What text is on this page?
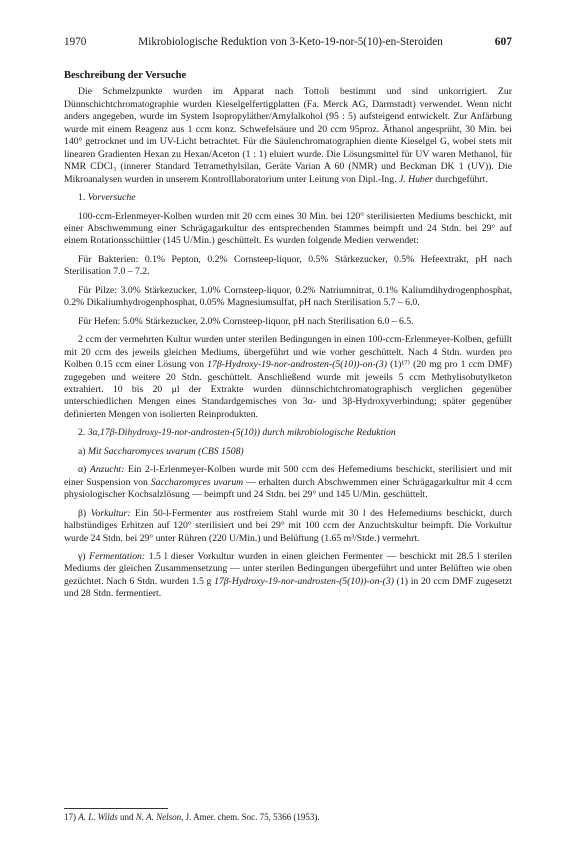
1970	Mikrobiologische Reduktion von 3-Keto-19-nor-5(10)-en-Steroiden	607
Beschreibung der Versuche

Die Schmelzpunkte wurden im Apparat nach Tottoli bestimmt und sind unkorrigiert. Zur Dünnschichtchromatographie wurden Kieselgelfertigplatten (Fa. Merck AG, Darmstadt) verwendet. Wenn nicht anders angegeben, wurde im System Isopropyläther/Amylalkohol (95 : 5) aufsteigend entwickelt. Zur Anfärbung wurde mit einem Reagenz aus 1 ccm konz. Schwefelsäure und 20 ccm 95proz. Äthanol angesprüht, 30 Min. bei 140° getrocknet und im UV-Licht betrachtet. Für die Säulenchromatographien diente Kieselgel G, wobei stets mit linearen Gradienten Hexan zu Hexan/Aceton (1 : 1) eluiert wurde. Die Lösungsmittel für UV waren Methanol, für NMR CDCl₃ (innerer Standard Tetramethylsilan, Geräte Varian A 60 (NMR) und Beckman DK 1 (UV)). Die Mikroanalysen wurden in unserem Kontrolllaboratorium unter Leitung von Dipl.-Ing. J. Huber durchgeführt.

1. Vorversuche

100-ccm-Erlenmeyer-Kolben wurden mit 20 ccm eines 30 Min. bei 120° sterilisierten Mediums beschickt, mit einer Abschwemmung einer Schrägagarkultur des entsprechenden Stammes beimpft und 24 Stdn. bei 29° auf einem Rotationsschüttler (145 U/Min.) geschüttelt. Es wurden folgende Medien verwendet:

Für Bakterien: 0.1% Pepton, 0.2% Cornsteep-liquor, 0.5% Stärkezucker, 0.5% Hefeextrakt, pH nach Sterilisation 7.0 – 7.2.

Für Pilze: 3.0% Stärkezucker, 1.0% Cornsteep-liquor, 0.2% Natriumnitrat, 0.1% Kaliumdihydrogenphosphat, 0.2% Dikaliumhydrogenphosphat, 0.05% Magnesiumsulfat, pH nach Sterilisation 5.7 – 6.0.

Für Hefen: 5.0% Stärkezucker, 2.0% Cornsteep-liquor, pH nach Sterilisation 6.0 – 6.5.

2 ccm der vermehrten Kultur wurden unter sterilen Bedingungen in einen 100-ccm-Erlenmeyer-Kolben, gefüllt mit 20 ccm des jeweils gleichen Mediums, übergeführt und wie vorher geschüttelt. Nach 4 Stdn. wurden pro Kolben 0.15 ccm einer Lösung von 17β-Hydroxy-19-nor-androsten-(5(10))-on-(3) (1)¹⁷⁾ (20 mg pro 1 ccm DMF) zugegeben und weitere 20 Stdn. geschüttelt. Anschließend wurde mit jeweils 5 ccm Methylisobutylketon extrahiert. 10 bis 20 μl der Extrakte wurden dünnschichtchromatographisch verglichen gegenüber unterschiedlichen Mengen eines Standardgemisches von 3α- und 3β-Hydroxyverbindung; später gegenüber definierten Mengen von isolierten Reinprodukten.

2. 3α,17β-Dihydroxy-19-nor-androsten-(5(10)) durch mikrobiologische Reduktion

a) Mit Saccharomyces uvarum (CBS 1508)

α) Anzucht: Ein 2-l-Erlenmeyer-Kolben wurde mit 500 ccm des Hefemediums beschickt, sterilisiert und mit einer Suspension von Saccharomyces uvarum — erhalten durch Abschwemmen einer Schrägagarkultur mit 4 ccm physiologischer Kochsalzlösung — beimpft und 24 Stdn. bei 29° und 145 U/Min. geschüttelt.

β) Vorkultur: Ein 50-l-Fermenter aus rostfreiem Stahl wurde mit 30 l des Hefemediums beschickt, durch halbstündiges Erhitzen auf 120° sterilisiert und bei 29° mit 100 ccm der Anzuchtskultur beimpft. Die Vorkultur wurde 24 Stdn. bei 29° unter Rühren (220 U/Min.) und Belüftung (1.65 m³/Stde.) vermehrt.

γ) Fermentation: 1.5 l dieser Vorkultur wurden in einen gleichen Fermenter — beschickt mit 28.5 l sterilen Mediums der gleichen Zusammensetzung — unter sterilen Bedingungen übergeführt und unter Belüften wie oben gezüchtet. Nach 6 Stdn. wurden 1.5 g 17β-Hydroxy-19-nor-androsten-(5(10))-on-(3) (1) in 20 ccm DMF zugesetzt und 28 Stdn. fermentiert.

17) A. L. Wilds und N. A. Nelson, J. Amer. chem. Soc. 75, 5366 (1953).
